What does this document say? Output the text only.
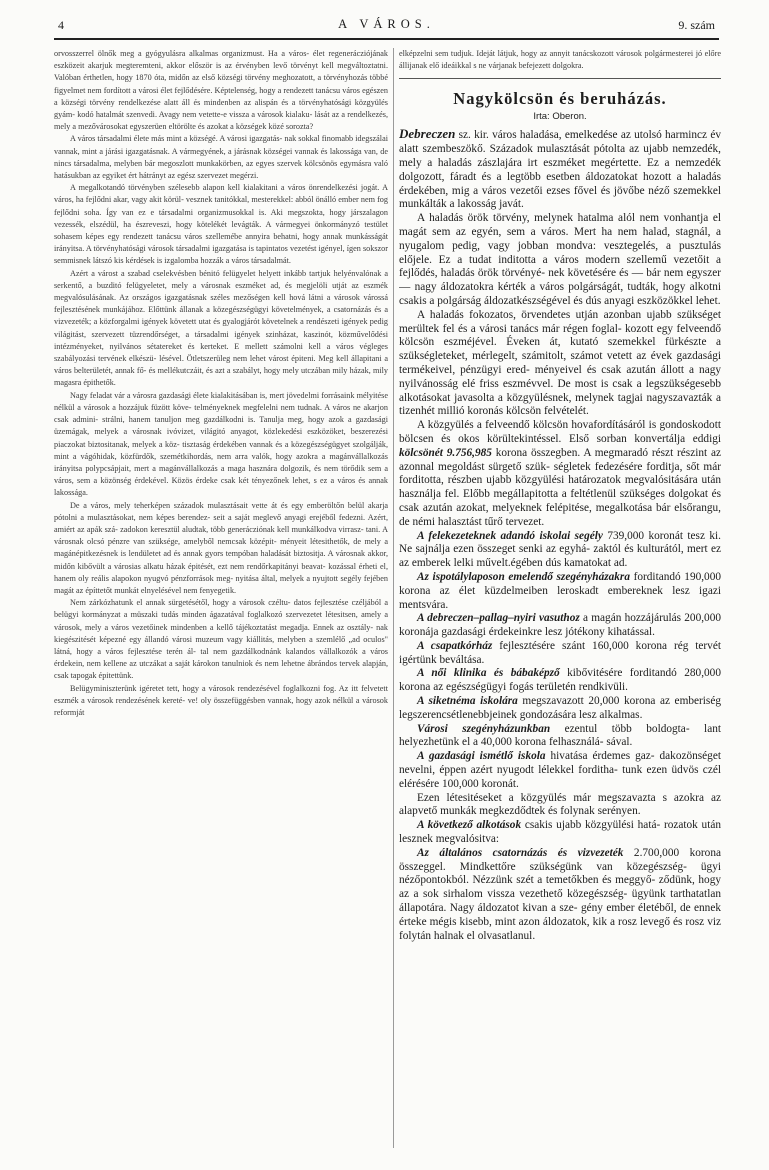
4	A VÁROS.	9. szám

orvosszerrel ölnők meg a gyógyulásra alkalmas organizmust. Ha a város- élet regenerácziójának eszközeit akarjuk megteremteni, akkor először is az érvényben levő törvényt kell megváltoztatni. Valóban érthetlen, hogy 1870 óta, midőn az első községi törvény meghozatott, a törvényhozás többé figyelmet nem fordított a városi élet fejlődésére. Képtelenség, hogy a rendezett tanácsu város egészen a községi törvény rendelkezése alatt áll és mindenben az alispán és a törvényhatósági közgyülés gyám- kodó hatalmát szenvedi. Avagy nem vetette-e vissza a városok kialaku- lását az a rendelkezés, mely a mezővárosokat egyszerüen eltörölte és azokat a községek közé sorozta?

A város társadalmi élete más mint a községé. A városi igazgatás- nak sokkal finomabb idegszálai vannak, mint a járási igazgatásnak. A vármegyének, a járásnak községei vannak és lakossága van, de nincs társadalma, melyben bár megoszlott munkakörben, az egyes szervek kölcsönös egymásra való hatásukban az egyiket ért hátrányt az egész szervezet megérzi.

A megalkotandó törvényben szélesebb alapon kell kialakitani a város önrendelkezési jogát. A város, ha fejlődni akar, vagy akit körül- vesznek tanitókkal, mesterekkel: abból önálló ember nem fog fejlődni soha. Így van ez e társadalmi organizmusokkal is. Aki megszokta, hogy járszalagon vezessék, elszédül, ha észreveszi, hogy kötelékét levágták. A vármegyei önkormányzó testület sohasem képes egy rendezett tanácsu város szellemébe annyira behatni, hogy annak munkásságát irányitsa. A törvényhatósági városok társadalmi igazgatása is tapintatos vezetést igényel, ígen sokszor semmisnek látszó kis kérdések is izgalomba hozzák a város társadalmát.

Azért a várost a szabad cselekvésben bénitó felügyelet helyett inkább tartjuk helyénvalónak a serkentő, a buzditó felügyeletet, mely a városnak eszméket ad, és megjelöli utját az eszmék megvalósulásának. Az országos igazgatásnak széles mezőségen kell hová látni a városok várossá fejlesztésének munkájához. Előttünk állanak a közegészségügyi követelmények, a csatornázás és a vizvezeték; a közforgalmi igények követett utat és gyalogjárót követelnek a rendészeti igények pedig világitást, szervezett tüzrendőrséget, a társadalmi igények szinházat, kaszinót, közművelődési intézményeket, nyilvános sétatereket és kerteket. E mellett számolni kell a város végleges szabályozási tervének elkészü- lésével. Ötletszerüleg nem lehet várost épiteni. Meg kell állapitani a város belterületét, annak fő- és mellékutczáit, és azt a szabályt, hogy mely utczában mily házak, mily magasra épithetők.

Nagy feladat vár a városra gazdasági élete kialakitásában is, mert jövedelmi forrásaink mélyitése nélkül a városok a hozzájuk füzött köve- telményeknek megfelelni nem tudnak. A város ne akarjon csak admini- strálni, hanem tanuljon meg gazdálkodni is. Tanulja meg, hogy azok a gazdasági üzemágak, melyek a városnak ivóvizet, világitó anyagot, közlekedési eszközöket, beszerezési piaczokat biztositanak, melyek a köz- tisztaság érdekében vannak és a közegészségügyet szolgálják, mint a vágóhidak, közfürdők, szemétkihordás, nem arra valók, hogy azokra a magánvállalkozás irányitsa polypcsápjait, mert a magánvállalkozás a maga hasznára dolgozik, és nem törődik sem a város, sem a közönség érdekével. Közös érdeke csak két tényezőnek lehet, s ez a város és annak lakossága.

De a város, mely teherképen századok mulasztásait vette át és egy emberöltőn belül akarja pótolni a mulasztásokat, nem képes berendez- seit a saját meglevő anyagi erejéből fedezni. Azért, amiért az apák szá- zadokon keresztül aludtak, több generácziónak kell munkálkodva virrasz- tani. A városnak olcsó pénzre van szüksége, amelyből nemcsak középit- ményeit létesithetők, de mely a magánépitkezésnek is lendületet ad és annak gyors tempóban haladását biztositja. A városnak akkor, midőn kibővült a városias alkatu házak épitését, ezt nem rendőrkapitányi beavat- kozással érheti el, hanem oly reális alapokon nyugvó pénzforrások meg- nyitása által, melyek a nyujtott segély fejében magát az építtetőt munkát elnyelésével nem fenyegetik.

Nem zárkózhatunk el annak sürgetésétől, hogy a városok czéltu- datos fejlesztése czéljából a belügyi kormányzat a müszaki tudás minden ágazatával foglalkozó szervezetet létesitsen, amely a városok, mely a város vezetőinek mindenben a kellő tájékoztatást megadja. Ennek az osztály- nak kiegészitését képezné egy állandó városi muzeum vagy kiállitás, melyben a szemlélő „ad oculos" látná, hogy a város fejlesztése terén ál- tal nem gazdálkodnánk kalandos vállalkozók a város érdekein, nem kellene az utczákat a saját károkon tanulniok és nem lehetne ábrándos tervek alapján, csak tapogak épitettünk.

Belügyminiszterünk igéretet tett, hogy a városok rendezésével foglalkozni fog. Az itt felvetett eszmék a városok rendezésének kereté- ve! oly összefüggésben vannak, hogy azok nélkül a városok reformját

elképzelni sem tudjuk. Ideját látjuk, hogy az annyit tanácskozott városok polgármesterei jó előre állijanak elő ideáikkal s ne várjanak befejezett dolgokra.

Nagykölcsön és beruházás.

Irta: Oberon.

Debreczen sz. kir. város haladása, emelkedése az utolsó harmincz év alatt szembeszökő. Századok mulasztását pótolta az ujabb nemzedék, mely a haladás zászlajára irt eszméket megértette. Ez a nemzedék dolgozott, fáradt és a legtöbb esetben áldozatokat hozott a haladás érdekében, mig a város vezetői ezses fővel és jövőbe néző szemekkel munkálták a lakosság javát.

A haladás örök törvény, melynek hatalma alól nem vonhantja el magát sem az egyén, sem a város. Mert ha nem halad, stagnál, a nyugalom pedig, vagy jobban mondva: vesztegelés, a pusztulás előjele. Ez a tudat inditotta a város modern szellemű vezetőit a fejlődés, haladás örök törvényé- nek követésére és — bár nem egyszer — nagy áldozatokra kérték a város polgárságát, tudták, hogy alkotni csakis a polgárság áldozatkészségével és dús anyagi eszközökkel lehet.

A haladás fokozatos, örvendetes utján azonban ujabb szükséget merültek fel és a városi tanács már régen foglal- kozott egy felveendő kölcsön eszméjével. Éveken át, kutató szemekkel fürkészte a szükségleteket, mérlegelt, számitolt, számot vetett az évek gazdasági termékeivel, pénzügyi ered- ményeivel és csak azután állott a nagy nyilvánosság elé friss eszmévvel. De most is csak a legszükségesebb alkotásokat javasolta a közgyülésnek, melynek tagjai nagyszavazták a tizenhét millió koronás kölcsön felvételét.

A közgyülés a felveendő kölcsön hovafordításáról is gondoskodott bölcsen és okos körültekintéssel. Első sorban konvertálja eddigi kölcsönét 9.756,985 korona összegben. A megmaradó részt részint az azonnal megoldást sürgető szük- ségletek fedezésére forditja, sőt már forditotta, részben ujabb közgyülési határozatok megvalósitására után használja fel. Előbb megállapitotta a feltétlenül szükséges dolgokat és csak azután azokat, melyeknek felépitése, megalkotása bár elsőrangu, de némi halasztást tűrő tervezet.

A felekezeteknek adandó iskolai segély 739,000 koronát tesz ki. Ne sajnálja ezen összeget senki az egyhá- zaktól és kulturától, mert ez az emberek lelki művelt.égében dús kamatokat ad.

Az ispotálylaposon emelendő szegényházakra forditandó 190,000 korona az élet küzdelmeiben leroskadt embereknek lesz igazi mentsvára.

A debreczen–pallag–nyiri vasuthoz a magán hozzájárulás 200,000 koronája gazdasági érdekeinkre lesz jótékony kihatással.

A csapatkórház fejlesztésére szánt 160,000 korona rég tervét igértünk beváltása.

A női klinika és bábaképző kibővitésére forditandó 280,000 korona az egészségügyi fogás területén rendkivüli.

A siketnéma iskolára megszavazott 20,000 korona az emberiség legszerencsétlenebbjeinek gondozására lesz alkalmas.

Városi szegényházunkban ezentul több boldogta- lant helyezhetünk el a 40,000 korona felhasználá- sával.

A gazdasági ismétlő iskola hivatása érdemes gaz- dakozönséget nevelni, éppen azért nyugodt lélekkel forditha- tunk ezen üdvös czél elérésére 100,000 koronát.

Ezen létesitéseket a közgyülés már megszavazta s azokra az alapvető munkák megkezdődtek és folynak serényen.

A következő alkotások csakis ujabb közgyülési hatá- rozatok után lesznek megvalósitva:

Az általános csatornázás és vizvezeték 2.700,000 korona összeggel. Mindkettőre szükségünk van közegészség- ügyi nézőpontokból. Nézzünk szét a temetőkben és meggyő- ződünk, hogy az a sok sirhalom vissza vezethető közegészség- ügyünk tarthatatlan állapotára. Nagy áldozatot kivan a sze- gény ember életéből, de ennek érteke mégis kisebb, mint azon áldozatok, kik a rosz levegő és rosz viz folytán halnak el olvasatlanul.
